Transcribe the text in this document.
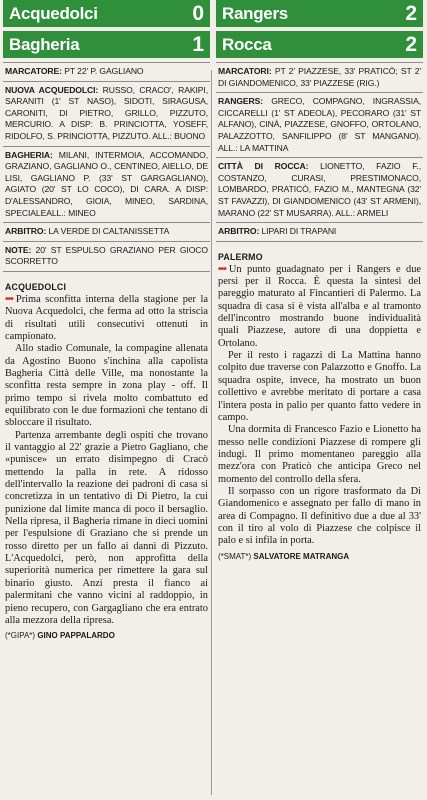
Acquedolci	0
Bagheria	1
MARCATORE: PT 22' P. GAGLIANO
NUOVA ACQUEDOLCI: RUSSO, CRACO', RAKIPI, SARANITI (1' ST NASO), SIDOTI, SIRAGUSA, CARONITI, DI PIETRO, GRILLO, PIZZUTO, MERCURIO. A DISP: B. PRINCIOTTA, YOSEFF, RIDOLFO, S. PRINCIOTTA, PIZZUTO. ALL.: BUONO
BAGHERIA: MILANI, INTERMOIA, ACCOMANDO, GRAZIANO, GAGLIANO O., CENTINEO, AIELLO, DE LISI, GAGLIANO P. (33' ST GARGAGLIANO), AGIATO (20' ST LO COCO), DI CARA. A DISP: D'ALESSANDRO, GIOIA, MINEO, SARDINA, SPECIALEALL.: MINEO
ARBITRO: LA VERDE DI CALTANISSETTA
NOTE: 20' ST ESPULSO GRAZIANO PER GIOCO SCORRETTO
ACQUEDOLCI

••• Prima sconfitta interna della stagione per la Nuova Acquedolci, che ferma ad otto la striscia di risultati utili consecutivi ottenuti in campionato.

Allo stadio Comunale, la compagine allenata da Agostino Buono s'inchina alla capolista Bagheria Città delle Ville, ma nonostante la sconfitta resta sempre in zona play - off. Il primo tempo si rivela molto combattuto ed equilibrato con le due formazioni che tentano di sbloccare il risultato.

Partenza arrembante degli ospiti che trovano il vantaggio al 22' grazie a Pietro Gagliano, che «punisce» un errato disimpegno di Cracò mettendo la palla in rete. A ridosso dell'intervallo la reazione dei padroni di casa si concretizza in un tentativo di Di Pietro, la cui punizione dal limite manca di poco il bersaglio. Nella ripresa, il Bagheria rimane in dieci uomini per l'espulsione di Graziano che si prende un rosso diretto per un fallo ai danni di Pizzuto. L'Acquedolci, però, non approfitta della superiorità numerica per rimettere la gara sul binario giusto. Anzi presta il fianco ai palermitani che vanno vicini al raddoppio, in pieno recupero, con Gargagliano che era entrato alla mezzora della ripresa.

(*GIPA*) GINO PAPPALARDO
Rangers	2
Rocca	2
MARCATORI: PT 2' PIAZZESE, 33' PRATICÒ; ST 2' DI GIANDOMENICO, 33' PIAZZESE (RIG.)
RANGERS: GRECO, COMPAGNO, INGRASSIA, CICCARELLI (1' ST ADEOLA), PECORARO (31' ST ALFANO), CINÀ, PIAZZESE, GNOFFO, ORTOLANO, PALAZZOTTO, SANFILIPPO (8' ST MANGANO). ALL.: LA MATTINA
CITTÀ DI ROCCA: LIONETTO, FAZIO F., COSTANZO, CURASI, PRESTIMONACO, LOMBARDO, PRATICÒ, FAZIO M., MANTEGNA (32' ST FAVAZZI), DI GIANDOMENICO (43' ST ARMENI), MARANO (22' ST MUSARRA). ALL.: ARMELI
ARBITRO: LIPARI DI TRAPANI
PALERMO

••• Un punto guadagnato per i Rangers e due persi per il Rocca. È questa la sintesi del pareggio maturato al Fincantieri di Palermo. La squadra di casa si è vista all'alba e al tramonto dell'incontro mostrando buone individualità quali Piazzese, autore di una doppietta e Ortolano.

Per il resto i ragazzi di La Mattina hanno colpito due traverse con Palazzotto e Gnoffo. La squadra ospite, invece, ha mostrato un buon collettivo e avrebbe meritato di portare a casa l'intera posta in palio per quanto fatto vedere in campo.

Una dormita di Francesco Fazio e Lionetto ha messo nelle condizioni Piazzese di rompere gli indugi. Il primo momentaneo pareggio alla mezz'ora con Praticò che anticipa Greco nel momento del controllo della sfera.

Il sorpasso con un rigore trasformato da Di Giandomenico e assegnato per fallo di mano in area di Compagno. Il definitivo due a due al 33' con il tiro al volo di Piazzese che colpisce il palo e si infila in porta.

(*SMAT*) SALVATORE MATRANGA
